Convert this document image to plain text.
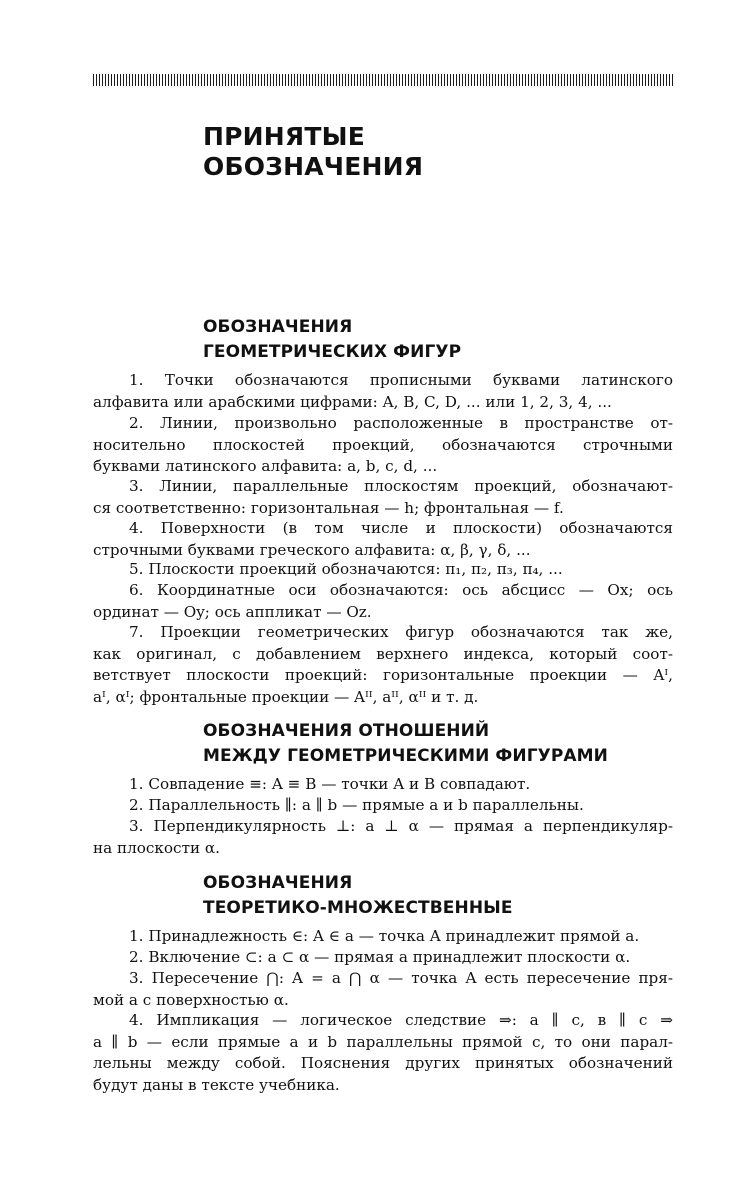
ПРИНЯТЫЕ
ОБОЗНАЧЕНИЯ
ОБОЗНАЧЕНИЯ
ГЕОМЕТРИЧЕСКИХ ФИГУР

1. Точки обозначаются прописными буквами латинского
алфавита или арабскими цифрами: A, B, C, D, ... или 1, 2, 3, 4, ...

2. Линии, произвольно расположенные в пространстве от-
носительно плоскостей проекций, обозначаются строчными
буквами латинского алфавита: a, b, c, d, ...

3. Линии, параллельные плоскостям проекций, обозначают-
ся соответственно: горизонтальная — h; фронтальная — f.

4. Поверхности (в том числе и плоскости) обозначаются
строчными буквами греческого алфавита: α, β, γ, δ, ...

5. Плоскости проекций обозначаются: π₁, π₂, π₃, π₄, ...

6. Координатные оси обозначаются: ось абсцисс — Ox; ось
ординат — Oy; ось аппликат — Oz.

7. Проекции геометрических фигур обозначаются так же,
как оригинал, с добавлением верхнего индекса, который соот-
ветствует плоскости проекций: горизонтальные проекции — Aᴵ,
aᴵ, αᴵ; фронтальные проекции — Aᴵᴵ, aᴵᴵ, αᴵᴵ и т. д.

ОБОЗНАЧЕНИЯ ОТНОШЕНИЙ
МЕЖДУ ГЕОМЕТРИЧЕСКИМИ ФИГУРАМИ

1. Совпадение ≡: A ≡ B — точки A и B совпадают.

2. Параллельность ∥: a ∥ b — прямые a и b параллельны.

3. Перпендикулярность ⊥: a ⊥ α — прямая a перпендикуляр-
на плоскости α.

ОБОЗНАЧЕНИЯ
ТЕОРЕТИКО-МНОЖЕСТВЕННЫЕ

1. Принадлежность ∈: A ∈ a — точка A принадлежит прямой a.

2. Включение ⊂: a ⊂ α — прямая a принадлежит плоскости α.

3. Пересечение ⋂: A = a ⋂ α — точка A есть пересечение пря-
мой a с поверхностью α.

4. Импликация — логическое следствие ⇒: a ∥ c, в ∥ c ⇒
a ∥ b — если прямые a и b параллельны прямой c, то они парал-
лельны между собой. Пояснения других принятых обозначений
будут даны в тексте учебника.
